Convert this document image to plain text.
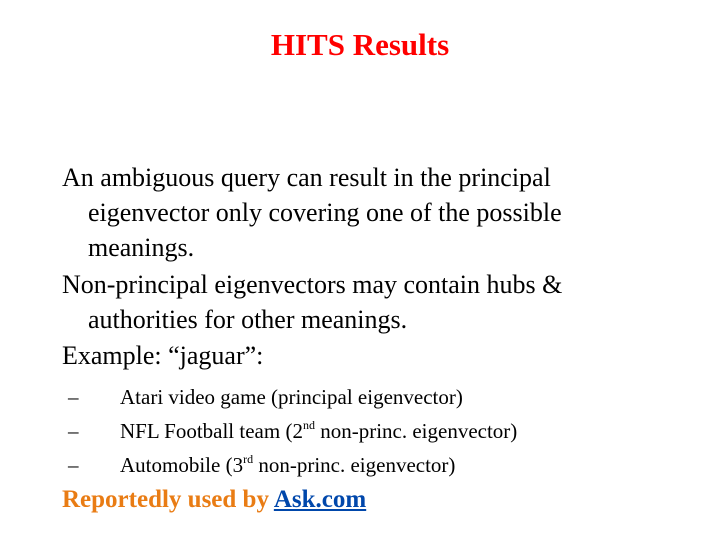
HITS Results
An ambiguous query can result in the principal
eigenvector only covering one of the possible
meanings.
Non-principal eigenvectors may contain hubs &
authorities for other meanings.
Example: “jaguar”:
– Atari video game (principal eigenvector)
– NFL Football team (2nd non-princ. eigenvector)
– Automobile (3rd non-princ. eigenvector)
Reportedly used by Ask.com
